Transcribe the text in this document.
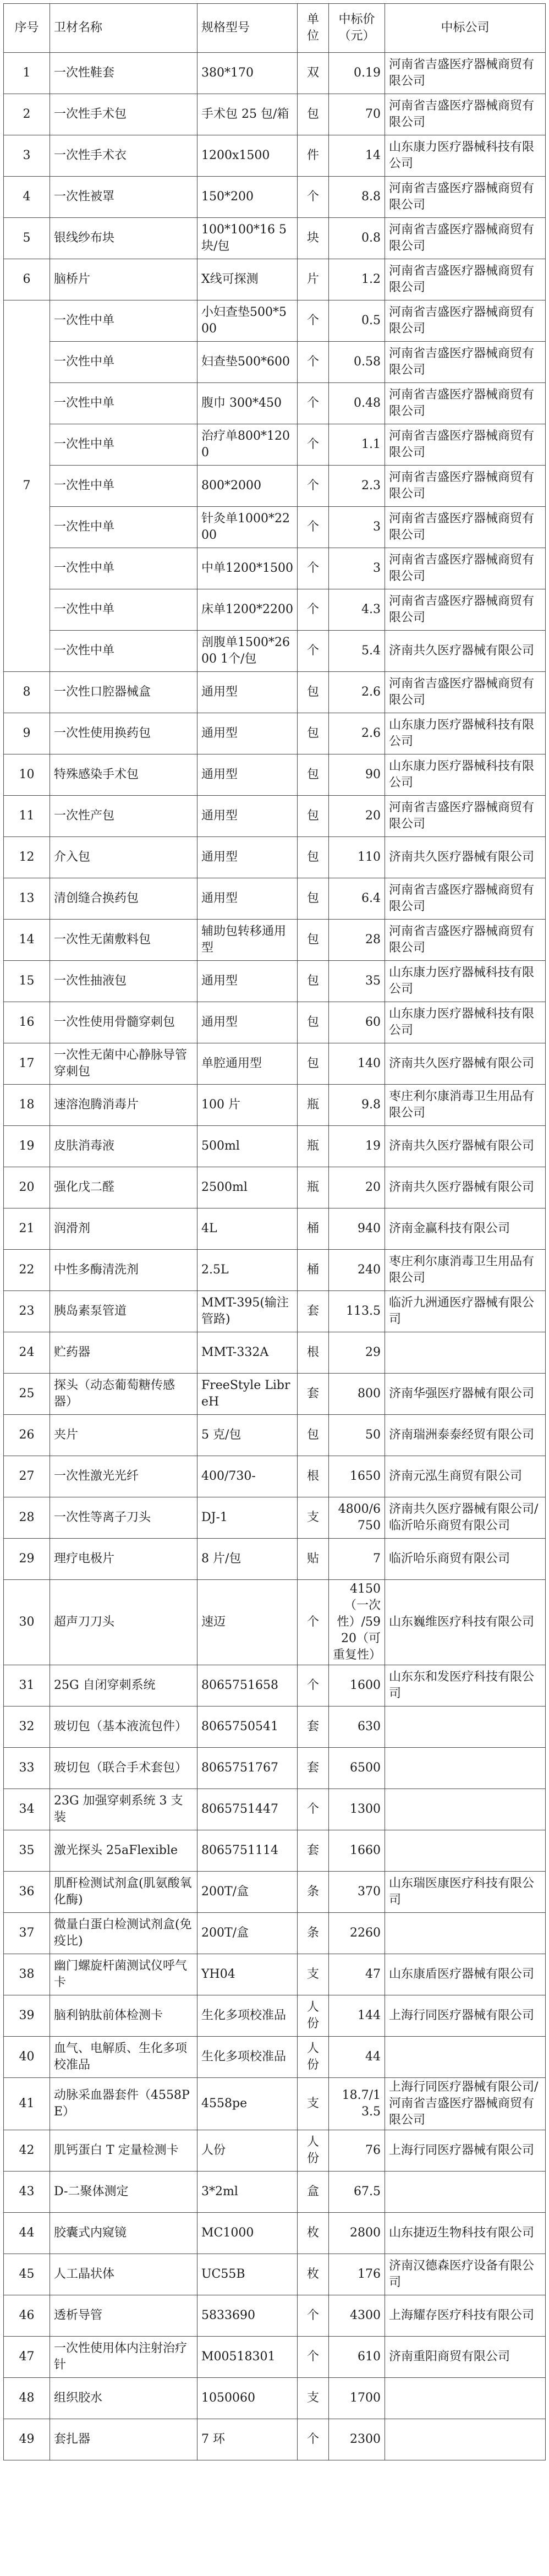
序号	卫材名称	规格型号	单位	中标价（元）	中标公司
1	一次性鞋套	380*170	双	0.19	河南省吉盛医疗器械商贸有限公司
2	一次性手术包	手术包 25 包/箱	包	70	河南省吉盛医疗器械商贸有限公司
3	一次性手术衣	1200x1500	件	14	山东康力医疗器械科技有限公司
4	一次性被罩	150*200	个	8.8	河南省吉盛医疗器械商贸有限公司
5	银线纱布块	100*100*16 5块/包	块	0.8	河南省吉盛医疗器械商贸有限公司
6	脑桥片	X线可探测	片	1.2	河南省吉盛医疗器械商贸有限公司
7	一次性中单	小妇查垫500*500	个	0.5	河南省吉盛医疗器械商贸有限公司
	一次性中单	妇查垫500*600	个	0.58	河南省吉盛医疗器械商贸有限公司
	一次性中单	腹巾 300*450	个	0.48	河南省吉盛医疗器械商贸有限公司
	一次性中单	治疗单800*1200	个	1.1	河南省吉盛医疗器械商贸有限公司
	一次性中单	800*2000	个	2.3	河南省吉盛医疗器械商贸有限公司
	一次性中单	针灸单1000*2200	个	3	河南省吉盛医疗器械商贸有限公司
	一次性中单	中单1200*1500	个	3	河南省吉盛医疗器械商贸有限公司
	一次性中单	床单1200*2200	个	4.3	河南省吉盛医疗器械商贸有限公司
	一次性中单	剖腹单1500*2600 1个/包	个	5.4	济南共久医疗器械有限公司
8	一次性口腔器械盒	通用型	包	2.6	河南省吉盛医疗器械商贸有限公司
9	一次性使用换药包	通用型	包	2.6	山东康力医疗器械科技有限公司
10	特殊感染手术包	通用型	包	90	山东康力医疗器械科技有限公司
11	一次性产包	通用型	包	20	河南省吉盛医疗器械商贸有限公司
12	介入包	通用型	包	110	济南共久医疗器械有限公司
13	清创缝合换药包	通用型	包	6.4	河南省吉盛医疗器械商贸有限公司
14	一次性无菌敷料包	辅助包转移通用型	包	28	河南省吉盛医疗器械商贸有限公司
15	一次性抽液包	通用型	包	35	山东康力医疗器械科技有限公司
16	一次性使用骨髓穿刺包	通用型	包	60	山东康力医疗器械科技有限公司
17	一次性无菌中心静脉导管穿刺包	单腔通用型	包	140	济南共久医疗器械有限公司
18	速溶泡腾消毒片	100 片	瓶	9.8	枣庄利尔康消毒卫生用品有限公司
19	皮肤消毒液	500ml	瓶	19	济南共久医疗器械有限公司
20	强化戊二醛	2500ml	瓶	20	济南共久医疗器械有限公司
21	润滑剂	4L	桶	940	济南金赢科技有限公司
22	中性多酶清洗剂	2.5L	桶	240	枣庄利尔康消毒卫生用品有限公司
23	胰岛素泵管道	MMT-395(输注管路)	套	113.5	临沂九洲通医疗器械有限公司
24	贮药器	MMT-332A	根	29	
25	探头（动态葡萄糖传感器）	FreeStyle LibreH	套	800	济南华强医疗器械有限公司
26	夹片	5 克/包	包	50	济南瑞洲泰泰经贸有限公司
27	一次性激光光纤	400/730-	根	1650	济南元泓生商贸有限公司
28	一次性等离子刀头	DJ-1	支	4800/6750	济南共久医疗器械有限公司/临沂哈乐商贸有限公司
29	理疗电极片	8 片/包	贴	7	临沂哈乐商贸有限公司
30	超声刀刀头	速迈	个	4150（一次性）/5920（可重复性）	山东巍维医疗科技有限公司
31	25G 自闭穿刺系统	8065751658	个	1600	山东东和发医疗科技有限公司
32	玻切包（基本液流包件）	8065750541	套	630	
33	玻切包（联合手术套包）	8065751767	套	6500	
34	23G 加强穿刺系统 3 支装	8065751447	个	1300	
35	激光探头 25aFlexible	8065751114	套	1660	
36	肌酐检测试剂盒(肌氨酸氧化酶)	200T/盒	条	370	山东瑞医康医疗科技有限公司
37	微量白蛋白检测试剂盒(免疫比)	200T/盒	条	2260	
38	幽门螺旋杆菌测试仪呼气卡	YH04	支	47	山东康盾医疗器械有限公司
39	脑利钠肽前体检测卡	生化多项校准品	人份	144	上海行同医疗器械有限公司
40	血气、电解质、生化多项校准品	生化多项校准品	人份	44	
41	动脉采血器套件（4558PE）	4558pe	支	18.7/13.5	上海行同医疗器械有限公司/河南省吉盛医疗器械商贸有限公司
42	肌钙蛋白 T 定量检测卡	人份	人份	76	上海行同医疗器械有限公司
43	D-二聚体测定	3*2ml	盒	67.5	
44	胶囊式内窥镜	MC1000	枚	2800	山东捷迈生物科技有限公司
45	人工晶状体	UC55B	枚	176	济南汉德森医疗设备有限公司
46	透析导管	5833690	个	4300	上海耀存医疗科技有限公司
47	一次性使用体内注射治疗针	M00518301	个	610	济南重阳商贸有限公司
48	组织胶水	1050060	支	1700	
49	套扎器	7 环	个	2300	
